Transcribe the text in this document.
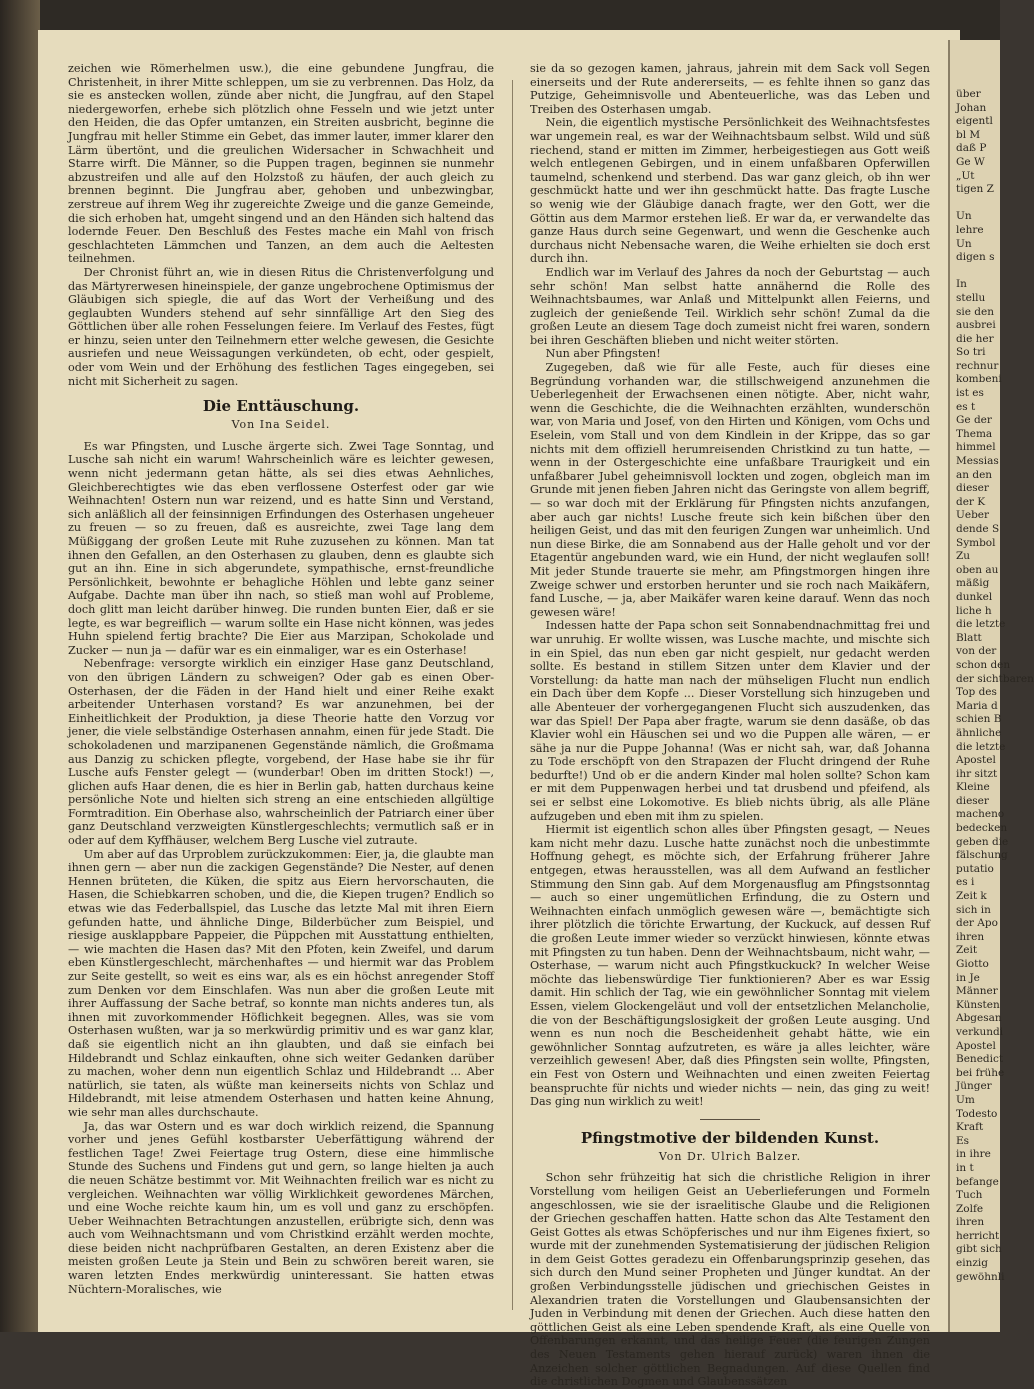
zeichen wie Römerhelmen usw.), die eine gebundene Jungfrau, die Christenheit, in ihrer Mitte schleppen, um sie zu verbrennen. Das Holz, da sie es anstecken wollen, zünde aber nicht, die Jungfrau, auf den Stapel niedergeworfen, erhebe sich plötzlich ohne Fesseln und wie jetzt unter den Heiden, die das Opfer umtanzen, ein Streiten ausbricht, beginne die Jungfrau mit heller Stimme ein Gebet, das immer lauter, immer klarer den Lärm übertönt, und die greulichen Widersacher in Schwachheit und Starre wirft. Die Männer, so die Puppen tragen, beginnen sie nunmehr abzustreifen und alle auf den Holzstoß zu häufen, der auch gleich zu brennen beginnt. Die Jungfrau aber, gehoben und unbezwingbar, zerstreue auf ihrem Weg ihr zugereichte Zweige und die ganze Gemeinde, die sich erhoben hat, umgeht singend und an den Händen sich haltend das lodernde Feuer. Den Beschluß des Festes mache ein Mahl von frisch geschlachteten Lämmchen und Tanzen, an dem auch die Aeltesten teilnehmen.

Der Chronist führt an, wie in diesen Ritus die Christenverfolgung und das Märtyrerwesen hineinspiele, der ganze ungebrochene Optimismus der Gläubigen sich spiegle, die auf das Wort der Verheißung und des geglaubten Wunders stehend auf sehr sinnfällige Art den Sieg des Göttlichen über alle rohen Fesselungen feiere. Im Verlauf des Festes, fügt er hinzu, seien unter den Teilnehmern etter welche gewesen, die Gesichte ausriefen und neue Weissagungen verkündeten, ob echt, oder gespielt, oder vom Wein und der Erhöhung des festlichen Tages eingegeben, sei nicht mit Sicherheit zu sagen.

Die Enttäuschung.
Von Ina Seidel.

Es war Pfingsten, und Lusche ärgerte sich. Zwei Tage Sonntag, und Lusche sah nicht ein warum! Wahrscheinlich wäre es leichter gewesen, wenn nicht jedermann getan hätte, als sei dies etwas Aehnliches, Gleichberechtigtes wie das eben verflossene Osterfest oder gar wie Weihnachten! Ostern nun war reizend, und es hatte Sinn und Verstand, sich anläßlich all der feinsinnigen Erfindungen des Osterhasen ungeheuer zu freuen — so zu freuen, daß es ausreichte, zwei Tage lang dem Müßiggang der großen Leute mit Ruhe zuzusehen zu können. Man tat ihnen den Gefallen, an den Osterhasen zu glauben, denn es glaubte sich gut an ihn. Eine in sich abgerundete, sympathische, ernst-freundliche Persönlichkeit, bewohnte er behagliche Höhlen und lebte ganz seiner Aufgabe. Dachte man über ihn nach, so stieß man wohl auf Probleme, doch glitt man leicht darüber hinweg. Die runden bunten Eier, daß er sie legte, es war begreiflich — warum sollte ein Hase nicht können, was jedes Huhn spielend fertig brachte? Die Eier aus Marzipan, Schokolade und Zucker — nun ja — dafür war es ein einmaliger, war es ein Osterhase!

Nebenfrage: versorgte wirklich ein einziger Hase ganz Deutschland, von den übrigen Ländern zu schweigen? Oder gab es einen Ober-Osterhasen, der die Fäden in der Hand hielt und einer Reihe exakt arbeitender Unterhasen vorstand? Es war anzunehmen, bei der Einheitlichkeit der Produktion, ja diese Theorie hatte den Vorzug vor jener, die viele selbständige Osterhasen annahm, einen für jede Stadt. Die schokoladenen und marzipanenen Gegenstände nämlich, die Großmama aus Danzig zu schicken pflegte, vorgebend, der Hase habe sie ihr für Lusche aufs Fenster gelegt — (wunderbar! Oben im dritten Stock!) —, glichen aufs Haar denen, die es hier in Berlin gab, hatten durchaus keine persönliche Note und hielten sich streng an eine entschieden allgültige Formtradition. Ein Oberhase also, wahrscheinlich der Patriarch einer über ganz Deutschland verzweigten Künstlergeschlechts; vermutlich saß er in oder auf dem Kyffhäuser, welchem Berg Lusche viel zutraute.

Um aber auf das Urproblem zurückzukommen: Eier, ja, die glaubte man ihnen gern — aber nun die zackigen Gegenstände? Die Nester, auf denen Hennen brüteten, die Küken, die spitz aus Eiern hervorschauten, die Hasen, die Schiebkarren schoben, und die, die Kiepen trugen? Endlich so etwas wie das Federballspiel, das Lusche das letzte Mal mit ihren Eiern gefunden hatte, und ähnliche Dinge, Bilderbücher zum Beispiel, und riesige ausklappbare Pappeier, die Püppchen mit Ausstattung enthielten, — wie machten die Hasen das? Mit den Pfoten, kein Zweifel, und darum eben Künstlergeschlecht, märchenhaftes — und hiermit war das Problem zur Seite gestellt, so weit es eins war, als es ein höchst anregender Stoff zum Denken vor dem Einschlafen. Was nun aber die großen Leute mit ihrer Auffassung der Sache betraf, so konnte man nichts anderes tun, als ihnen mit zuvorkommender Höflichkeit begegnen. Alles, was sie vom Osterhasen wußten, war ja so merkwürdig primitiv und es war ganz klar, daß sie eigentlich nicht an ihn glaubten, und daß sie einfach bei Hildebrandt und Schlaz einkauften, ohne sich weiter Gedanken darüber zu machen, woher denn nun eigentlich Schlaz und Hildebrandt ... Aber natürlich, sie taten, als wüßte man keinerseits nichts von Schlaz und Hildebrandt, mit leise atmendem Osterhasen und hatten keine Ahnung, wie sehr man alles durchschaute.

Ja, das war Ostern und es war doch wirklich reizend, die Spannung vorher und jenes Gefühl kostbarster Ueberfättigung während der festlichen Tage! Zwei Feiertage trug Ostern, diese eine himmlische Stunde des Suchens und Findens gut und gern, so lange hielten ja auch die neuen Schätze bestimmt vor. Mit Weihnachten freilich war es nicht zu vergleichen. Weihnachten war völlig Wirklichkeit gewordenes Märchen, und eine Woche reichte kaum hin, um es voll und ganz zu erschöpfen. Ueber Weihnachten Betrachtungen anzustellen, erübrigte sich, denn was auch vom Weihnachtsmann und vom Christkind erzählt werden mochte, diese beiden nicht nachprüfbaren Gestalten, an deren Existenz aber die meisten großen Leute ja Stein und Bein zu schwören bereit waren, sie waren letzten Endes merkwürdig uninteressant. Sie hatten etwas Nüchtern-Moralisches, wie

sie da so gezogen kamen, jahraus, jahrein mit dem Sack voll Segen einerseits und der Rute andererseits, — es fehlte ihnen so ganz das Putzige, Geheimnisvolle und Abenteuerliche, was das Leben und Treiben des Osterhasen umgab.

Nein, die eigentlich mystische Persönlichkeit des Weihnachtsfestes war ungemein real, es war der Weihnachtsbaum selbst. Wild und süß riechend, stand er mitten im Zimmer, herbeigestiegen aus Gott weiß welch entlegenen Gebirgen, und in einem unfaßbaren Opferwillen taumelnd, schenkend und sterbend. Das war ganz gleich, ob ihn wer geschmückt hatte und wer ihn geschmückt hatte. Das fragte Lusche so wenig wie der Gläubige danach fragte, wer den Gott, wer die Göttin aus dem Marmor erstehen ließ. Er war da, er verwandelte das ganze Haus durch seine Gegenwart, und wenn die Geschenke auch durchaus nicht Nebensache waren, die Weihe erhielten sie doch erst durch ihn.

Endlich war im Verlauf des Jahres da noch der Geburtstag — auch sehr schön! Man selbst hatte annähernd die Rolle des Weihnachtsbaumes, war Anlaß und Mittelpunkt allen Feierns, und zugleich der genießende Teil. Wirklich sehr schön! Zumal da die großen Leute an diesem Tage doch zumeist nicht frei waren, sondern bei ihren Geschäften blieben und nicht weiter störten.

Nun aber Pfingsten!

Zugegeben, daß wie für alle Feste, auch für dieses eine Begründung vorhanden war, die stillschweigend anzunehmen die Ueberlegenheit der Erwachsenen einen nötigte. Aber, nicht wahr, wenn die Geschichte, die die Weihnachten erzählten, wunderschön war, von Maria und Josef, von den Hirten und Königen, vom Ochs und Eselein, vom Stall und von dem Kindlein in der Krippe, das so gar nichts mit dem offiziell herumreisenden Christkind zu tun hatte, — wenn in der Ostergeschichte eine unfaßbare Traurigkeit und ein unfaßbarer Jubel geheimnisvoll lockten und zogen, obgleich man im Grunde mit jenen fieben Jahren nicht das Geringste von allem begriff, — so war doch mit der Erklärung für Pfingsten nichts anzufangen, aber auch gar nichts! Lusche freute sich kein bißchen über den heiligen Geist, und das mit den feurigen Zungen war unheimlich. Und nun diese Birke, die am Sonnabend aus der Halle geholt und vor der Etagentür angebunden ward, wie ein Hund, der nicht weglaufen soll! Mit jeder Stunde trauerte sie mehr, am Pfingstmorgen hingen ihre Zweige schwer und erstorben herunter und sie roch nach Maikäfern, fand Lusche, — ja, aber Maikäfer waren keine darauf. Wenn das noch gewesen wäre!

Indessen hatte der Papa schon seit Sonnabendnachmittag frei und war unruhig. Er wollte wissen, was Lusche machte, und mischte sich in ein Spiel, das nun eben gar nicht gespielt, nur gedacht werden sollte. Es bestand in stillem Sitzen unter dem Klavier und der Vorstellung: da hatte man nach der mühseligen Flucht nun endlich ein Dach über dem Kopfe ... Dieser Vorstellung sich hinzugeben und alle Abenteuer der vorhergegangenen Flucht sich auszudenken, das war das Spiel! Der Papa aber fragte, warum sie denn dasäße, ob das Klavier wohl ein Häuschen sei und wo die Puppen alle wären, — er sähe ja nur die Puppe Johanna! (Was er nicht sah, war, daß Johanna zu Tode erschöpft von den Strapazen der Flucht dringend der Ruhe bedurfte!) Und ob er die andern Kinder mal holen sollte? Schon kam er mit dem Puppenwagen herbei und tat drusbend und pfeifend, als sei er selbst eine Lokomotive. Es blieb nichts übrig, als alle Pläne aufzugeben und eben mit ihm zu spielen.

Hiermit ist eigentlich schon alles über Pfingsten gesagt, — Neues kam nicht mehr dazu. Lusche hatte zunächst noch die unbestimmte Hoffnung gehegt, es möchte sich, der Erfahrung früherer Jahre entgegen, etwas herausstellen, was all dem Aufwand an festlicher Stimmung den Sinn gab. Auf dem Morgenausflug am Pfingstsonntag — auch so einer ungemütlichen Erfindung, die zu Ostern und Weihnachten einfach unmöglich gewesen wäre —, bemächtigte sich ihrer plötzlich die törichte Erwartung, der Kuckuck, auf dessen Ruf die großen Leute immer wieder so verzückt hinwiesen, könnte etwas mit Pfingsten zu tun haben. Denn der Weihnachtsbaum, nicht wahr, — Osterhase, — warum nicht auch Pfingstkuckuck? In welcher Weise möchte das liebenswürdige Tier funktionieren? Aber es war Essig damit. Hin schlich der Tag, wie ein gewöhnlicher Sonntag mit vielem Essen, vielem Glockengeläut und voll der entsetzlichen Melancholie, die von der Beschäftigungslosigkeit der großen Leute ausging. Und wenn es nun noch die Bescheidenheit gehabt hätte, wie ein gewöhnlicher Sonntag aufzutreten, es wäre ja alles leichter, wäre verzeihlich gewesen! Aber, daß dies Pfingsten sein wollte, Pfingsten, ein Fest von Ostern und Weihnachten und einen zweiten Feiertag beanspruchte für nichts und wieder nichts — nein, das ging zu weit! Das ging nun wirklich zu weit!

Pfingstmotive der bildenden Kunst.
Von Dr. Ulrich Balzer.

Schon sehr frühzeitig hat sich die christliche Religion in ihrer Vorstellung vom heiligen Geist an Ueberlieferungen und Formeln angeschlossen, wie sie der israelitische Glaube und die Religionen der Griechen geschaffen hatten. Hatte schon das Alte Testament den Geist Gottes als etwas Schöpferisches und nur ihm Eigenes fixiert, so wurde mit der zunehmenden Systematisierung der jüdischen Religion in dem Geist Gottes geradezu ein Offenbarungsprinzip gesehen, das sich durch den Mund seiner Propheten und Jünger kundtat. An der großen Verbindungsstelle jüdischen und griechischen Geistes in Alexandrien traten die Vorstellungen und Glaubensansichten der Juden in Verbindung mit denen der Griechen. Auch diese hatten den göttlichen Geist als eine Leben spendende Kraft, als eine Quelle von Offenbarungen erkannt, und das heilige Feuer (die feurigen Zungen des Neuen Testaments gehen hierauf zurück) waren ihnen die Anzeichen solcher göttlichen Begnadungen. Auf diese Quellen find die christlichen Dogmen und Glaubenssätzen

über
Johan
eigentl
bl M
daß P
Ge W
„Ut
tigen Z
Un
lehre
Un
digen s
In
stellu
sie den
ausbrei
die her
So tri
rechnur
kombeni
ist es
es t
Ge der
Thema
himmel
Messias
an den
dieser
der K
Ueber
dende S
Symbol
Zu
oben au
mäßig
dunkel
liche h
die letzte
Blatt
von der
schon den
der sichtbaren
Top des
Maria d
schien B
ähnliche
die letzte
Apostel
ihr sitzt
Kleine
dieser
macheno
bedecken
geben die
fälschung
putatio
es i
Zeit k
sich in
der Apo
ihren
Zeit
Giotto
in Je
Männer
Künsten
Abgesan
verkundi
Apostel
Benedict
bei frühe
Jünger
Um
Todesto
Kraft
Es
in ihre
in t
befange
Tuch
Zolfe
ihren
herricht
gibt sich
einzig
gewöhnli
